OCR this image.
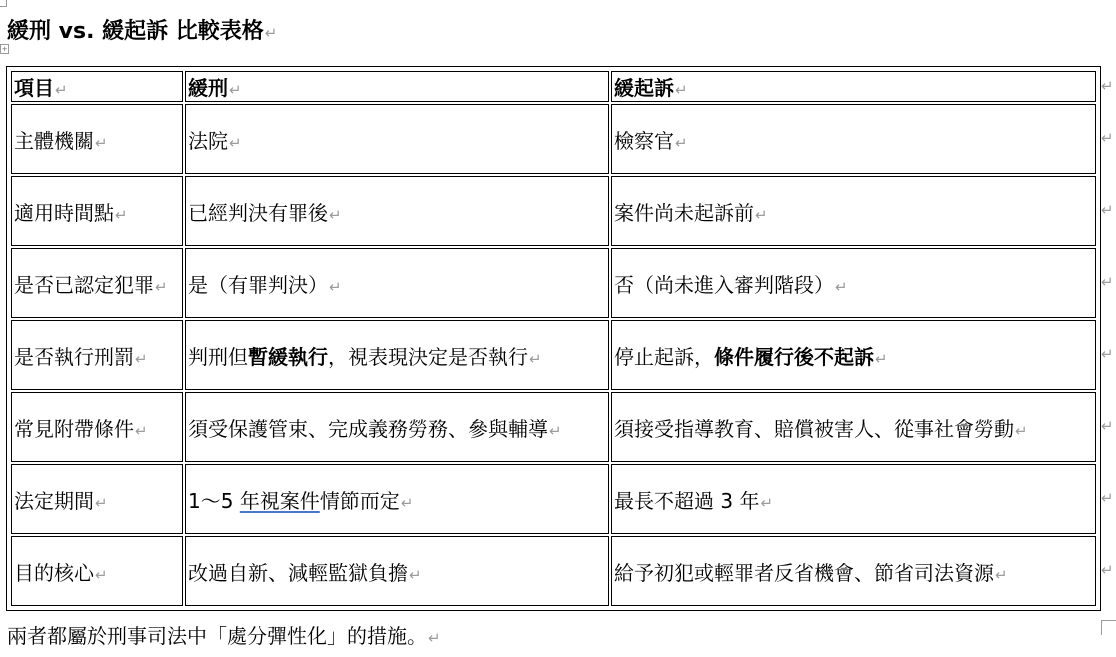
緩刑 vs. 緩起訴 比較表格↵
+
項目↵	緩刑↵	緩起訴↵
主體機關↵	法院↵	檢察官↵
適用時間點↵	已經判決有罪後↵	案件尚未起訴前↵
是否已認定犯罪↵	是（有罪判決）↵	否（尚未進入審判階段）↵
是否執行刑罰↵	判刑但暫緩執行，視表現決定是否執行↵	停止起訴，條件履行後不起訴↵
常見附帶條件↵	須受保護管束、完成義務勞務、參與輔導↵	須接受指導教育、賠償被害人、從事社會勞動↵
法定期間↵	1～5 年視案件情節而定↵	最長不超過 3 年↵
目的核心↵	改過自新、減輕監獄負擔↵	給予初犯或輕罪者反省機會、節省司法資源↵
↵
↵
↵
↵
↵
↵
↵
↵
兩者都屬於刑事司法中「處分彈性化」的措施。↵
